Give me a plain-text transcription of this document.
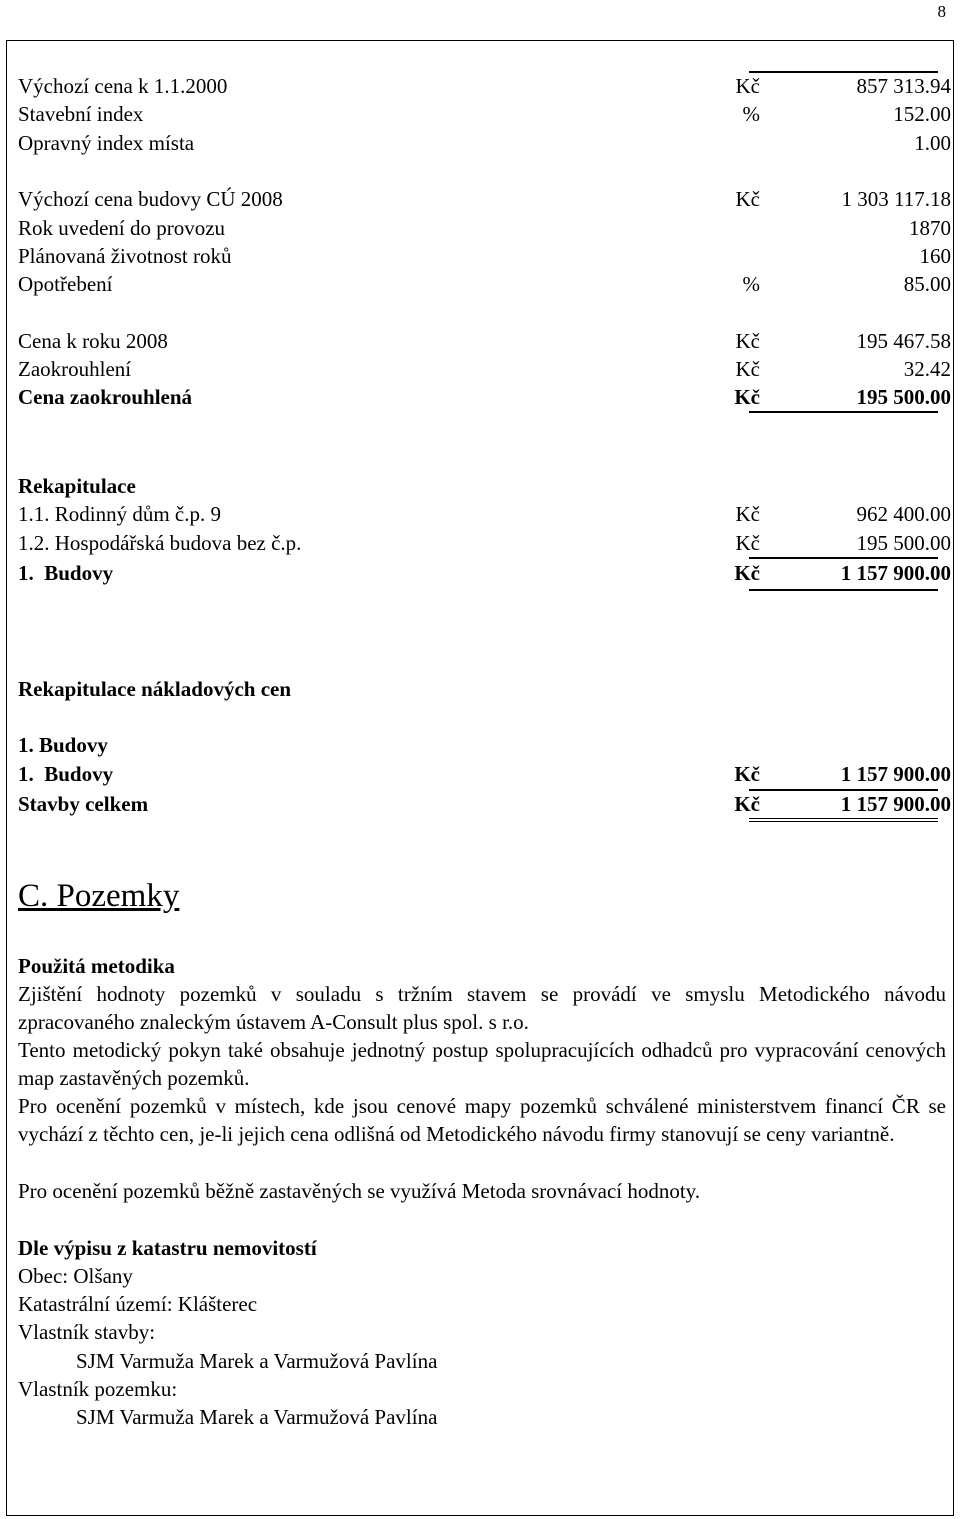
8
Výchozí cena k 1.1.2000	Kč	857 313.94
Stavební index	%	152.00
Opravný index místa	1.00
Výchozí cena budovy CÚ 2008	Kč	1 303 117.18
Rok uvedení do provozu	1870
Plánovaná životnost roků	160
Opotřebení	%	85.00
Cena k roku 2008	Kč	195 467.58
Zaokrouhlení	Kč	32.42
Cena zaokrouhlená	Kč	195 500.00
Rekapitulace
1.1. Rodinný dům č.p. 9	Kč	962 400.00
1.2. Hospodářská budova bez č.p.	Kč	195 500.00
1.  Budovy	Kč	1 157 900.00
Rekapitulace nákladových cen
1. Budovy
1.  Budovy	Kč	1 157 900.00
Stavby celkem	Kč	1 157 900.00
C. Pozemky
Použitá metodika
Zjištění hodnoty pozemků v souladu s tržním stavem se provádí ve smyslu Metodického návodu zpracovaného znaleckým ústavem A-Consult plus spol. s r.o.
Tento metodický pokyn také obsahuje jednotný postup spolupracujících odhadců pro vypracování cenových map zastavěných pozemků.
Pro ocenění pozemků v místech, kde jsou cenové mapy pozemků schválené ministerstvem financí ČR se vychází z těchto cen, je-li jejich cena odlišná od Metodického návodu firmy stanovují se ceny variantně.
Pro ocenění pozemků běžně zastavěných se využívá Metoda srovnávací hodnoty.
Dle výpisu z katastru nemovitostí
Obec: Olšany
Katastrální území: Klášterec
Vlastník stavby:
SJM Varmuža Marek a Varmužová Pavlína
Vlastník pozemku:
SJM Varmuža Marek a Varmužová Pavlína
